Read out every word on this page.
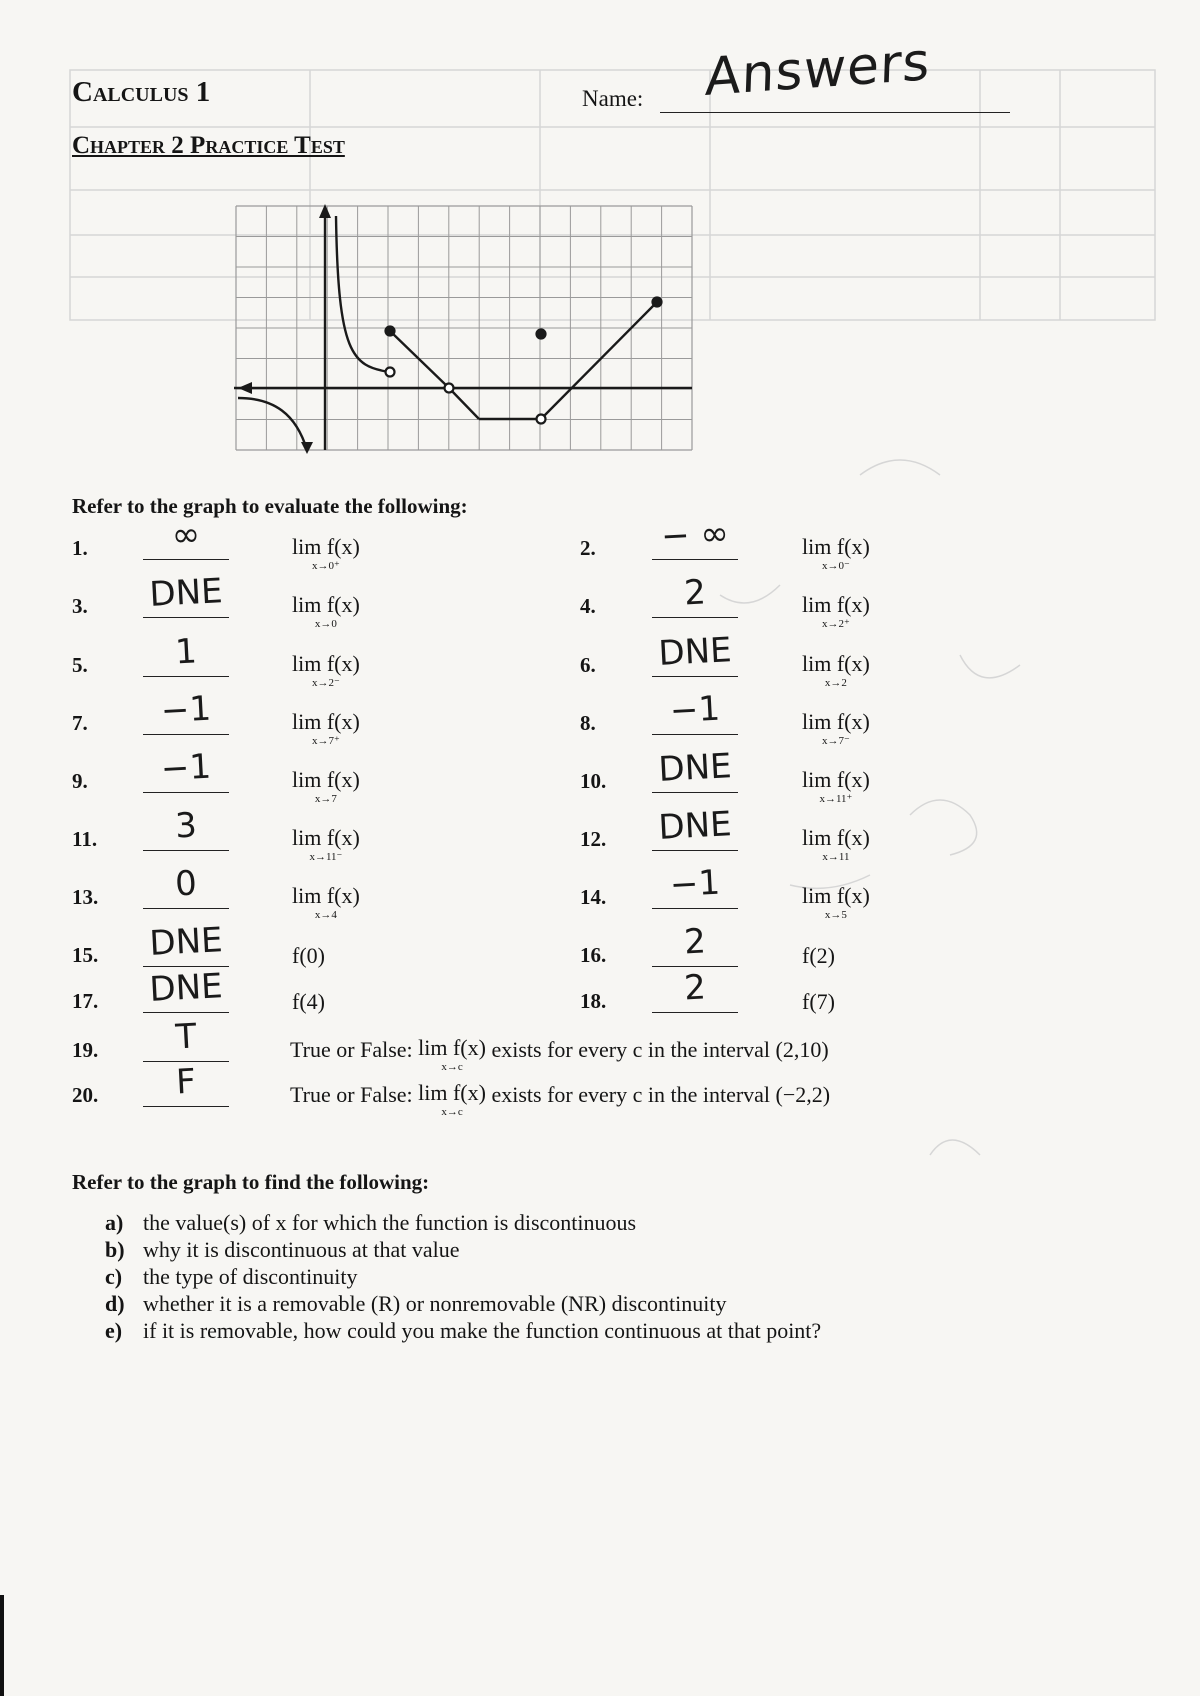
Calculus 1
Chapter 2 Practice Test
Name: Answers
Refer to the graph to evaluate the following:
1.	∞	lim f(x)
x→0⁺
2. − ∞	lim f(x)
x→0⁻
3. DNE	lim f(x)
x→0
4.	2	lim f(x)
x→2⁺
5.	1	lim f(x)
x→2⁻
6. DNE	lim f(x)
x→2
7.	−1	lim f(x)
x→7⁺
8.	−1	lim f(x)
x→7⁻
9.	−1	lim f(x)
x→7
10. DNE	lim f(x)
x→11⁺
11.	3	lim f(x)
x→11⁻
12. DNE	lim f(x)
x→11
13.	0	lim f(x)
x→4
14.	−1	lim f(x)
x→5
15. DNE	f(0)	16.	2	f(2)
17. DNE	f(4)	18.	2	f(7)
19.	T	True or False: lim f(x)
x→c
exists for every c in the interval (2,10)
20.	F	True or False: lim f(x)
x→c
exists for every c in the interval (−2,2)
Refer to the graph to find the following:
a) the value(s) of x for which the function is discontinuous
b) why it is discontinuous at that value
c) the type of discontinuity
d) whether it is a removable (R) or nonremovable (NR) discontinuity
e) if it is removable, how could you make the function continuous at that point?
